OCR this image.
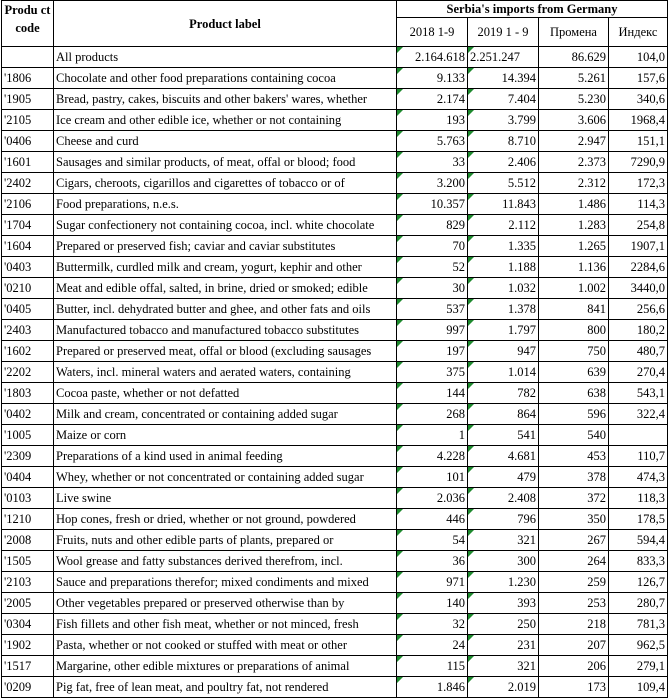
Produ ct code	Product label	Serbia's imports from Germany			
		2018 1-9	2019 1 - 9	Промена	Индекс
	All products	2.164.618	2.251.247	86.629	104,0
'1806	Chocolate and other food preparations containing cocoa	9.133	14.394	5.261	157,6
'1905	Bread, pastry, cakes, biscuits and other bakers' wares, whether	2.174	7.404	5.230	340,6
'2105	Ice cream and other edible ice, whether or not containing	193	3.799	3.606	1968,4
'0406	Cheese and curd	5.763	8.710	2.947	151,1
'1601	Sausages and similar products, of meat, offal or blood; food	33	2.406	2.373	7290,9
'2402	Cigars, cheroots, cigarillos and cigarettes of tobacco or of	3.200	5.512	2.312	172,3
'2106	Food preparations, n.e.s.	10.357	11.843	1.486	114,3
'1704	Sugar confectionery not containing cocoa, incl. white chocolate	829	2.112	1.283	254,8
'1604	Prepared or preserved fish; caviar and caviar substitutes	70	1.335	1.265	1907,1
'0403	Buttermilk, curdled milk and cream, yogurt, kephir and other	52	1.188	1.136	2284,6
'0210	Meat and edible offal, salted, in brine, dried or smoked; edible	30	1.032	1.002	3440,0
'0405	Butter, incl. dehydrated butter and ghee, and other fats and oils	537	1.378	841	256,6
'2403	Manufactured tobacco and manufactured tobacco substitutes	997	1.797	800	180,2
'1602	Prepared or preserved meat, offal or blood (excluding sausages	197	947	750	480,7
'2202	Waters, incl. mineral waters and aerated waters, containing	375	1.014	639	270,4
'1803	Cocoa paste, whether or not defatted	144	782	638	543,1
'0402	Milk and cream, concentrated or containing added sugar	268	864	596	322,4
'1005	Maize or corn	1	541	540	
'2309	Preparations of a kind used in animal feeding	4.228	4.681	453	110,7
'0404	Whey, whether or not concentrated or containing added sugar	101	479	378	474,3
'0103	Live swine	2.036	2.408	372	118,3
'1210	Hop cones, fresh or dried, whether or not ground, powdered	446	796	350	178,5
'2008	Fruits, nuts and other edible parts of plants, prepared or	54	321	267	594,4
'1505	Wool grease and fatty substances derived therefrom, incl.	36	300	264	833,3
'2103	Sauce and preparations therefor; mixed condiments and mixed	971	1.230	259	126,7
'2005	Other vegetables prepared or preserved otherwise than by	140	393	253	280,7
'0304	Fish fillets and other fish meat, whether or not minced, fresh	32	250	218	781,3
'1902	Pasta, whether or not cooked or stuffed with meat or other	24	231	207	962,5
'1517	Margarine, other edible mixtures or preparations of animal	115	321	206	279,1
'0209	Pig fat, free of lean meat, and poultry fat, not rendered	1.846	2.019	173	109,4
